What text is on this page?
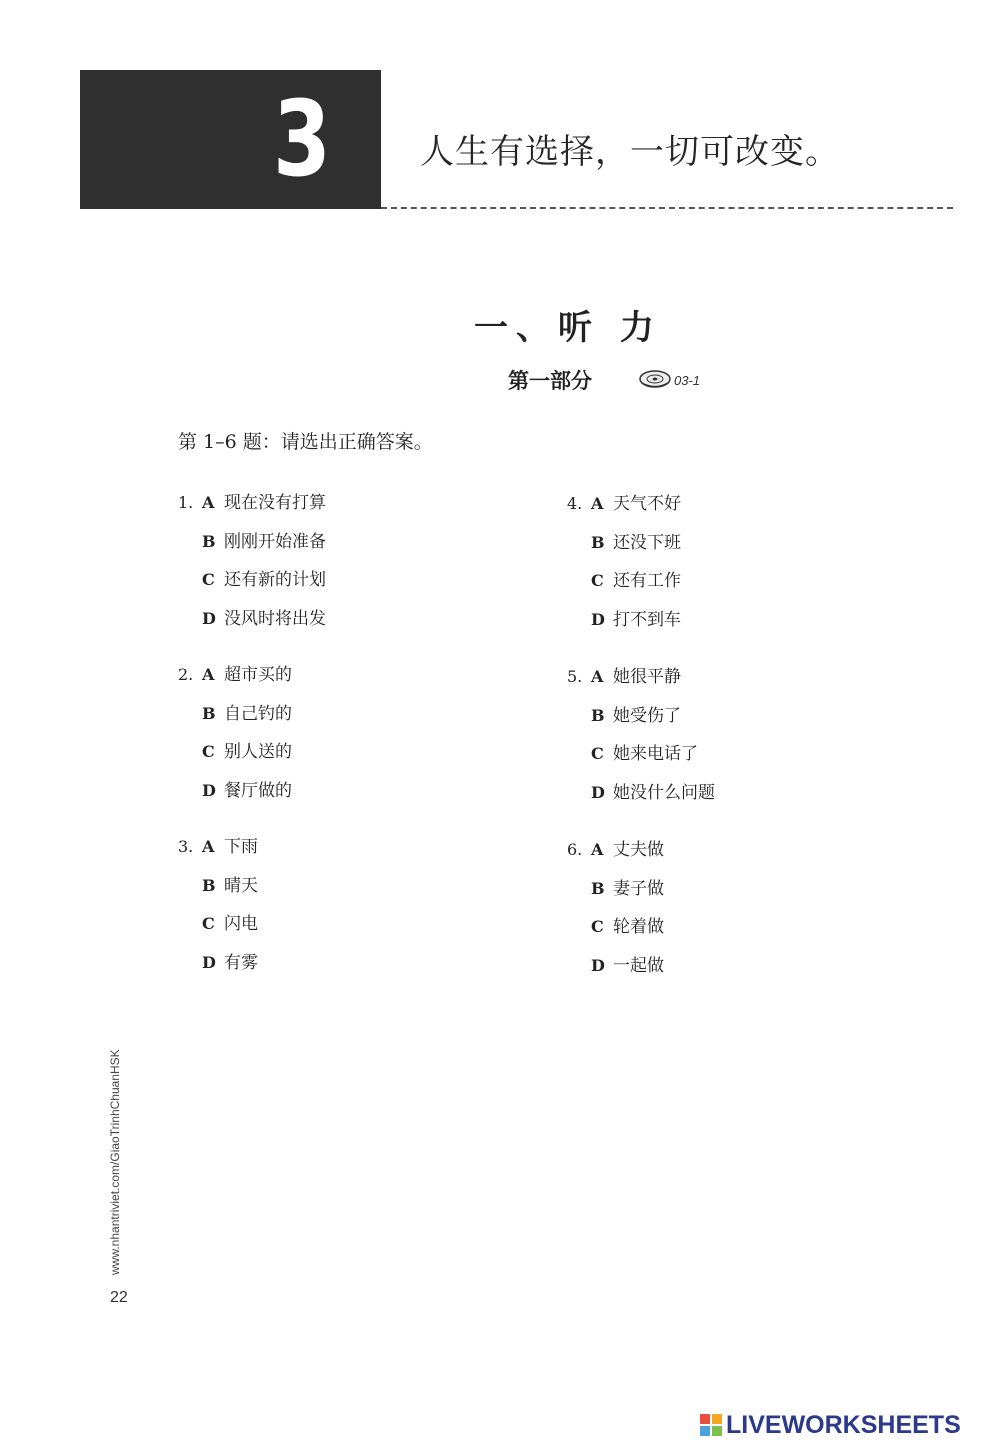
3	人生有选择，一切可改变。
一、听 力
第一部分	03-1
第 1–6 题：请选出正确答案。
1. A 现在没有打算
B 刚刚开始准备
C 还有新的计划
D 没风时将出发
2. A 超市买的
B 自己钓的
C 别人送的
D 餐厅做的
3. A 下雨
B 晴天
C 闪电
D 有雾
4. A 天气不好
B 还没下班
C 还有工作
D 打不到车
5. A 她很平静
B 她受伤了
C 她来电话了
D 她没什么问题
6. A 丈夫做
B 妻子做
C 轮着做
D 一起做
www.nhantriviet.com/GiaoTrinhChuanHSK
22
LIVEWORKSHEETS
